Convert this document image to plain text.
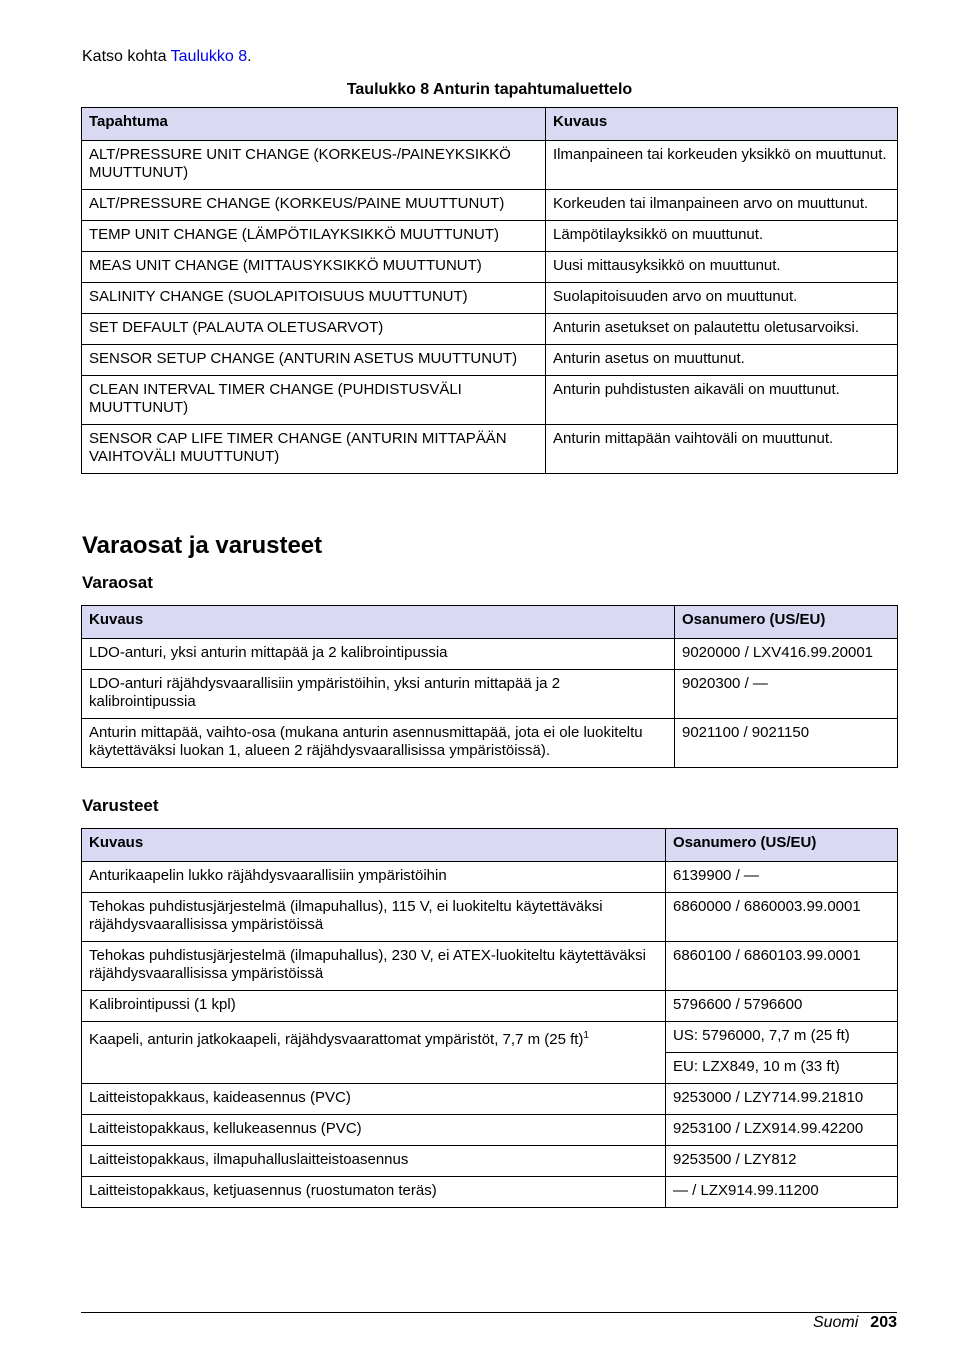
Katso kohta Taulukko 8.
Taulukko 8 Anturin tapahtumaluettelo
Tapahtuma	Kuvaus
ALT/PRESSURE UNIT CHANGE (KORKEUS-/PAINEYKSIKKÖ MUUTTUNUT)	Ilmanpaineen tai korkeuden yksikkö on muuttunut.
ALT/PRESSURE CHANGE (KORKEUS/PAINE MUUTTUNUT)	Korkeuden tai ilmanpaineen arvo on muuttunut.
TEMP UNIT CHANGE (LÄMPÖTILAYKSIKKÖ MUUTTUNUT)	Lämpötilayksikkö on muuttunut.
MEAS UNIT CHANGE (MITTAUSYKSIKKÖ MUUTTUNUT)	Uusi mittausyksikkö on muuttunut.
SALINITY CHANGE (SUOLAPITOISUUS MUUTTUNUT)	Suolapitoisuuden arvo on muuttunut.
SET DEFAULT (PALAUTA OLETUSARVOT)	Anturin asetukset on palautettu oletusarvoiksi.
SENSOR SETUP CHANGE (ANTURIN ASETUS MUUTTUNUT)	Anturin asetus on muuttunut.
CLEAN INTERVAL TIMER CHANGE (PUHDISTUSVÄLI MUUTTUNUT)	Anturin puhdistusten aikaväli on muuttunut.
SENSOR CAP LIFE TIMER CHANGE (ANTURIN MITTAPÄÄN VAIHTOVÄLI MUUTTUNUT)	Anturin mittapään vaihtoväli on muuttunut.
Varaosat ja varusteet
Varaosat
Kuvaus	Osanumero (US/EU)
LDO-anturi, yksi anturin mittapää ja 2 kalibrointipussia	9020000 / LXV416.99.20001
LDO-anturi räjähdysvaarallisiin ympäristöihin, yksi anturin mittapää ja 2 kalibrointipussia	9020300 / —
Anturin mittapää, vaihto-osa (mukana anturin asennusmittapää, jota ei ole luokiteltu käytettäväksi luokan 1, alueen 2 räjähdysvaarallisissa ympäristöissä).	9021100 / 9021150
Varusteet
Kuvaus	Osanumero (US/EU)
Anturikaapelin lukko räjähdysvaarallisiin ympäristöihin	6139900 / —
Tehokas puhdistusjärjestelmä (ilmapuhallus), 115 V, ei luokiteltu käytettäväksi räjähdysvaarallisissa ympäristöissä	6860000 / 6860003.99.0001
Tehokas puhdistusjärjestelmä (ilmapuhallus), 230 V, ei ATEX-luokiteltu käytettäväksi räjähdysvaarallisissa ympäristöissä	6860100 / 6860103.99.0001
Kalibrointipussi (1 kpl)	5796600 / 5796600
Kaapeli, anturin jatkokaapeli, räjähdysvaarattomat ympäristöt, 7,7 m (25 ft)$^1$	US: 5796000, 7,7 m (25 ft)
	EU: LZX849, 10 m (33 ft)
Laitteistopakkaus, kaideasennus (PVC)	9253000 / LZY714.99.21810
Laitteistopakkaus, kellukeasennus (PVC)	9253100 / LZX914.99.42200
Laitteistopakkaus, ilmapuhalluslaitteistoasennus	9253500 / LZY812
Laitteistopakkaus, ketjuasennus (ruostumaton teräs)	— / LZX914.99.11200
Suomi 203
